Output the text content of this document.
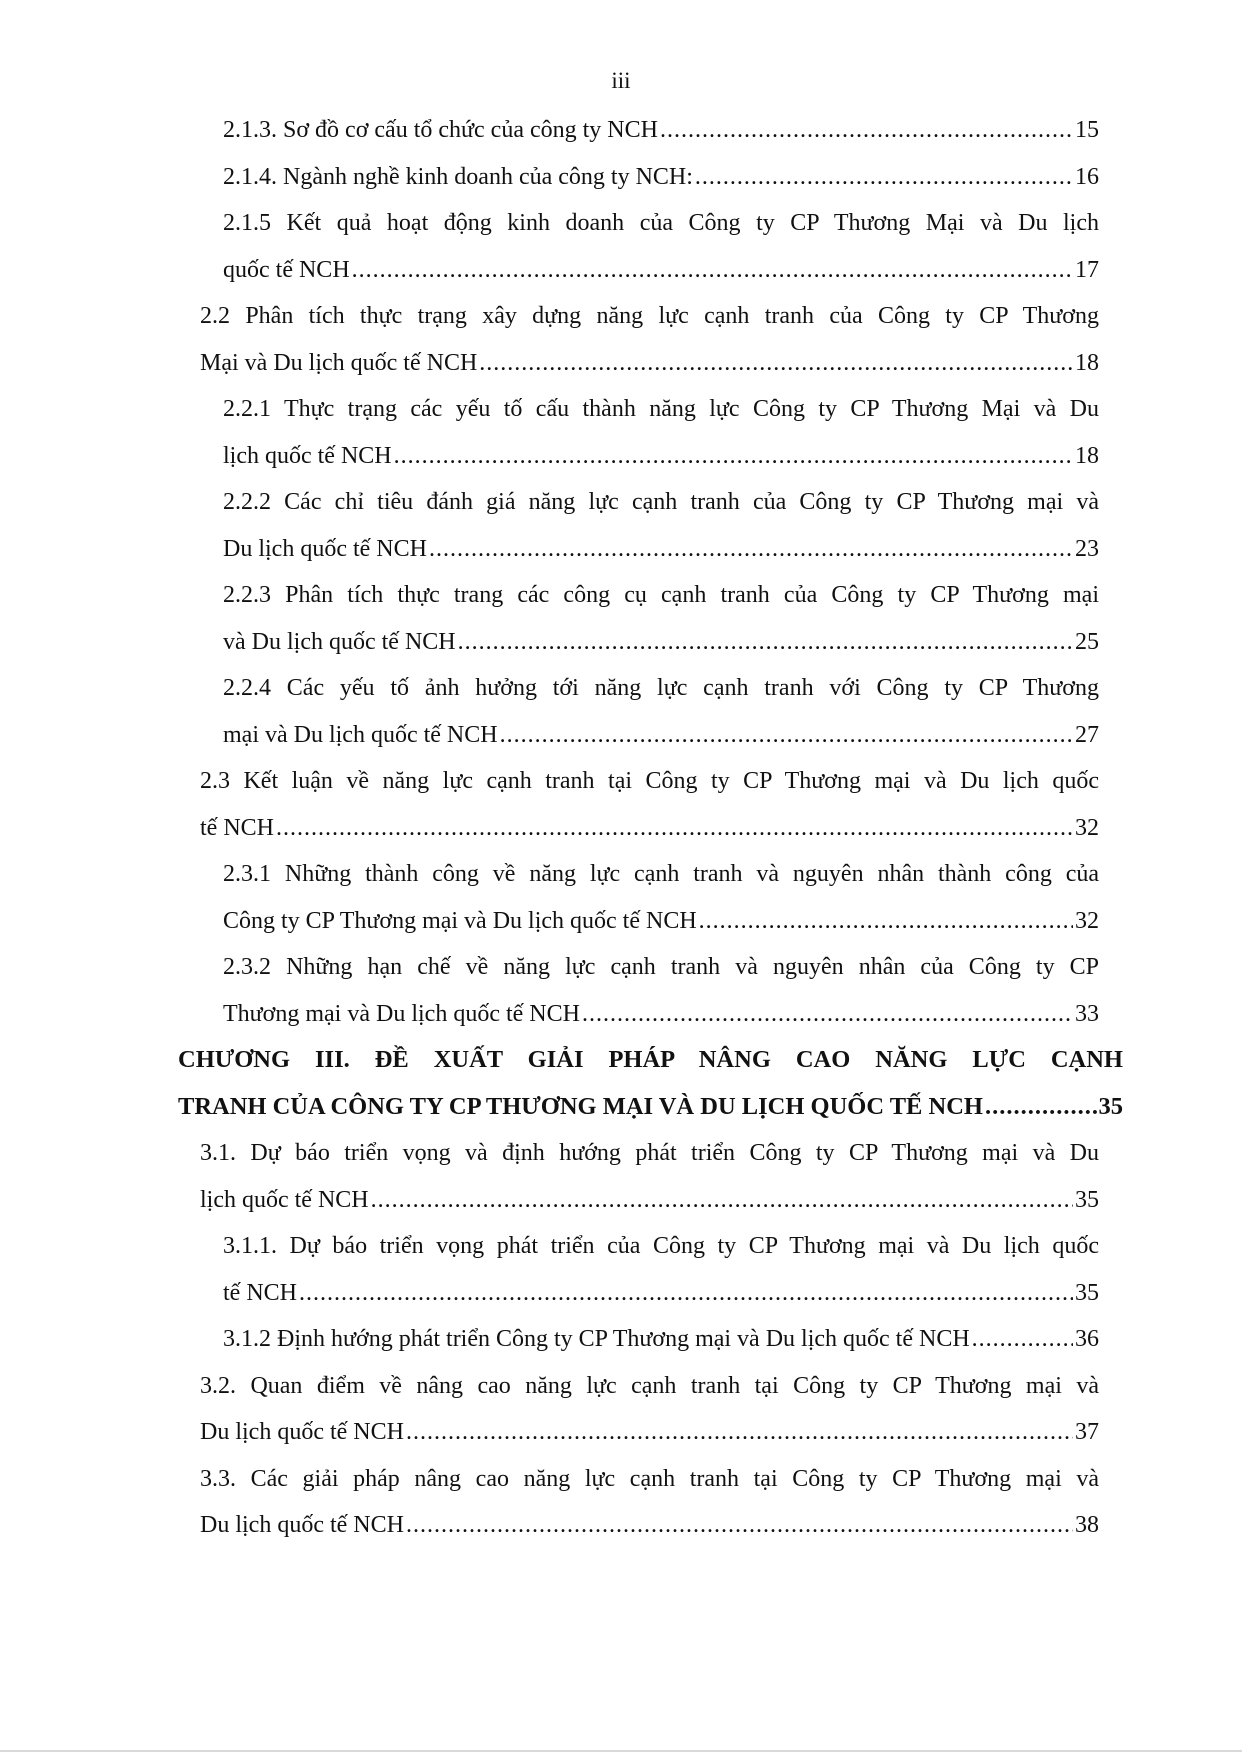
iii
2.1.3. Sơ đồ cơ cấu tổ chức của công ty NCH .....	15
2.1.4. Ngành nghề kinh doanh của công ty NCH: .....	16
2.1.5 Kết quả hoạt động kinh doanh của Công ty CP Thương Mại và Du lịch
quốc tế NCH .....	17
2.2 Phân tích thực trạng xây dựng năng lực cạnh tranh của Công ty CP Thương
Mại và Du lịch quốc tế NCH .....	18
2.2.1 Thực trạng các yếu tố cấu thành năng lực Công ty CP Thương Mại và Du
lịch quốc tế NCH .....	18
2.2.2 Các chỉ tiêu đánh giá năng lực cạnh tranh của Công ty CP Thương mại và
Du lịch quốc tế NCH .....	23
2.2.3 Phân tích thực trang các công cụ cạnh tranh của Công ty CP Thương mại
và Du lịch quốc tế NCH .....	25
2.2.4 Các yếu tố ảnh hưởng tới năng lực cạnh tranh với Công ty CP Thương
mại và Du lịch quốc tế NCH .....	27
2.3 Kết luận về năng lực cạnh tranh tại Công ty CP Thương mại và Du lịch quốc
tế NCH .....	32
2.3.1 Những thành công về năng lực cạnh tranh và nguyên nhân thành công của
Công ty CP Thương mại và Du lịch quốc tế NCH .....	32
2.3.2 Những hạn chế về năng lực cạnh tranh và nguyên nhân của Công ty CP
Thương mại và Du lịch quốc tế NCH .....	33
CHƯƠNG III. ĐỀ XUẤT GIẢI PHÁP NÂNG CAO NĂNG LỰC CẠNH
TRANH CỦA CÔNG TY CP THƯƠNG MẠI VÀ DU LỊCH QUỐC TẾ NCH .....	35
3.1. Dự báo triển vọng và định hướng phát triển Công ty CP Thương mại và Du
lịch quốc tế NCH .....	35
3.1.1. Dự báo triển vọng phát triển của Công ty CP Thương mại và Du lịch quốc
tế NCH .....	35
3.1.2 Định hướng phát triển Công ty CP Thương mại và Du lịch quốc tế NCH .....	36
3.2. Quan điểm về nâng cao năng lực cạnh tranh tại Công ty CP Thương mại và
Du lịch quốc tế NCH .....	37
3.3. Các giải pháp nâng cao năng lực cạnh tranh tại Công ty CP Thương mại và
Du lịch quốc tế NCH .....	38
